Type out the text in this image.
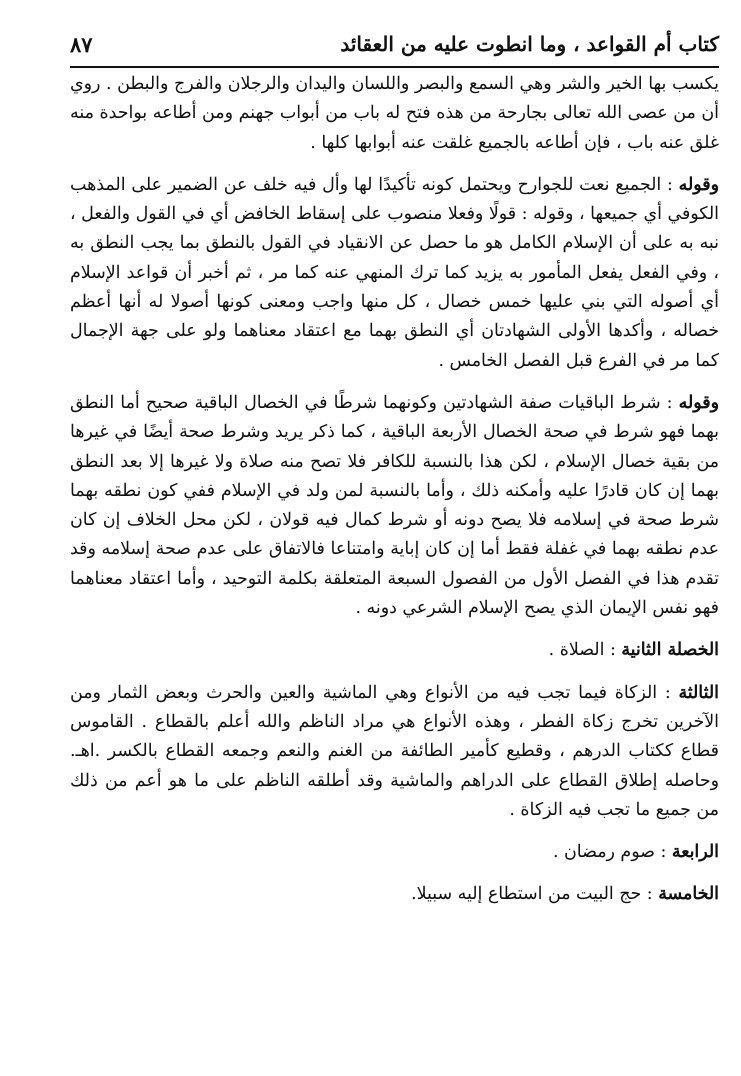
كتاب أم القواعد ، وما انطوت عليه من العقائد
٨٧

يكسب بها الخير والشر وهي السمع والبصر واللسان واليدان والرجلان والفرج والبطن . روي أن من عصى الله تعالى بجارحة من هذه فتح له باب من أبواب جهنم ومن أطاعه بواحدة منه غلق عنه باب ، فإن أطاعه بالجميع غلقت عنه أبوابها كلها .

وقوله : الجميع نعت للجوارح ويحتمل كونه تأكيدًا لها وأل فيه خلف عن الضمير على المذهب الكوفي أي جميعها ، وقوله : قولًا وفعلا منصوب على إسقاط الخافض أي في القول والفعل ، نبه به على أن الإسلام الكامل هو ما حصل عن الانقياد في القول بالنطق بما يجب النطق به ، وفي الفعل يفعل المأمور به يزيد كما ترك المنهي عنه كما مر ، ثم أخبر أن قواعد الإسلام أي أصوله التي بني عليها خمس خصال ، كل منها واجب ومعنى كونها أصولا له أنها أعظم خصاله ، وأكدها الأولى الشهادتان أي النطق بهما مع اعتقاد معناهما ولو على جهة الإجمال كما مر في الفرع قبل الفصل الخامس .

وقوله : شرط الباقيات صفة الشهادتين وكونهما شرطًا في الخصال الباقية صحيح أما النطق بهما فهو شرط في صحة الخصال الأربعة الباقية ، كما ذكر يريد وشرط صحة أيضًا في غيرها من بقية خصال الإسلام ، لكن هذا بالنسبة للكافر فلا تصح منه صلاة ولا غيرها إلا بعد النطق بهما إن كان قادرًا عليه وأمكنه ذلك ، وأما بالنسبة لمن ولد في الإسلام ففي كون نطقه بهما شرط صحة في إسلامه فلا يصح دونه أو شرط كمال فيه قولان ، لكن محل الخلاف إن كان عدم نطقه بهما في غفلة فقط أما إن كان إباية وامتناعا فالاتفاق على عدم صحة إسلامه وقد تقدم هذا في الفصل الأول من الفصول السبعة المتعلقة بكلمة التوحيد ، وأما اعتقاد معناهما فهو نفس الإيمان الذي يصح الإسلام الشرعي دونه .

الخصلة الثانية : الصلاة .

الثالثة : الزكاة فيما تجب فيه من الأنواع وهي الماشية والعين والحرث وبعض الثمار ومن الآخرين تخرج زكاة الفطر ، وهذه الأنواع هي مراد الناظم والله أعلم بالقطاع . القاموس قطاع ككتاب الدرهم ، وقطيع كأمير الطائفة من الغنم والنعم وجمعه القطاع بالكسر .اهـ. وحاصله إطلاق القطاع على الدراهم والماشية وقد أطلقه الناظم على ما هو أعم من ذلك من جميع ما تجب فيه الزكاة .

الرابعة : صوم رمضان .

الخامسة : حج البيت من استطاع إليه سبيلا.
